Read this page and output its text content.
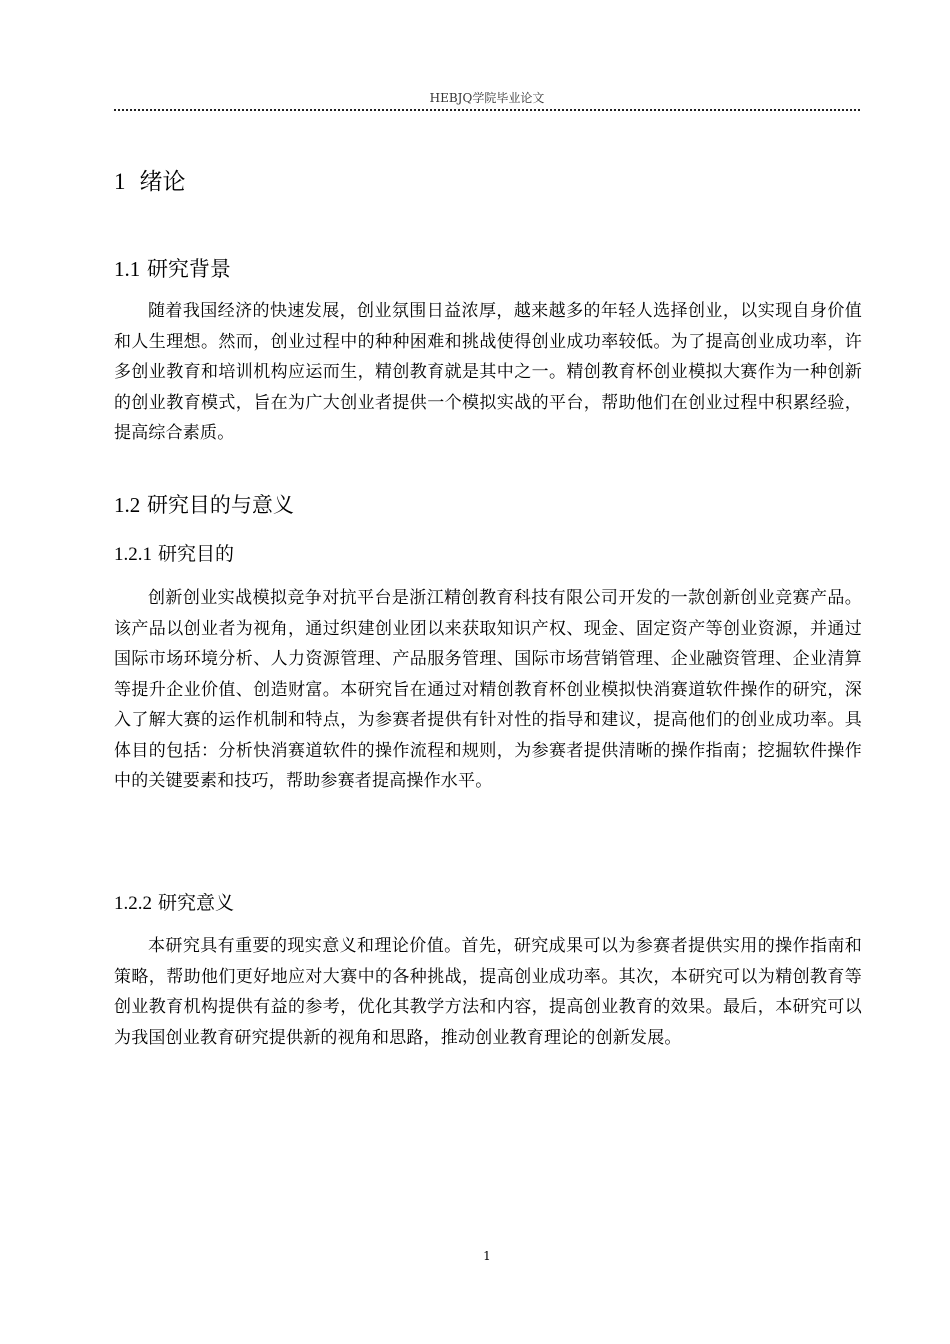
HEBJQ学院毕业论文
1 绪论
1.1 研究背景

随着我国经济的快速发展，创业氛围日益浓厚，越来越多的年轻人选择创业，以实现自身价值和人生理想。然而，创业过程中的种种困难和挑战使得创业成功率较低。为了提高创业成功率，许多创业教育和培训机构应运而生，精创教育就是其中之一。精创教育杯创业模拟大赛作为一种创新的创业教育模式，旨在为广大创业者提供一个模拟实战的平台，帮助他们在创业过程中积累经验，提高综合素质。

1.2 研究目的与意义
1.2.1 研究目的

创新创业实战模拟竞争对抗平台是浙江精创教育科技有限公司开发的一款创新创业竞赛产品。该产品以创业者为视角，通过织建创业团以来获取知识产权、现金、固定资产等创业资源，并通过国际市场环境分析、人力资源管理、产品服务管理、国际市场营销管理、企业融资管理、企业清算等提升企业价值、创造财富。本研究旨在通过对精创教育杯创业模拟快消赛道软件操作的研究，深入了解大赛的运作机制和特点，为参赛者提供有针对性的指导和建议，提高他们的创业成功率。具体目的包括：分析快消赛道软件的操作流程和规则，为参赛者提供清晰的操作指南；挖掘软件操作中的关键要素和技巧，帮助参赛者提高操作水平。

1.2.2 研究意义

本研究具有重要的现实意义和理论价值。首先，研究成果可以为参赛者提供实用的操作指南和策略，帮助他们更好地应对大赛中的各种挑战，提高创业成功率。其次，本研究可以为精创教育等创业教育机构提供有益的参考，优化其教学方法和内容，提高创业教育的效果。最后，本研究可以为我国创业教育研究提供新的视角和思路，推动创业教育理论的创新发展。

1
